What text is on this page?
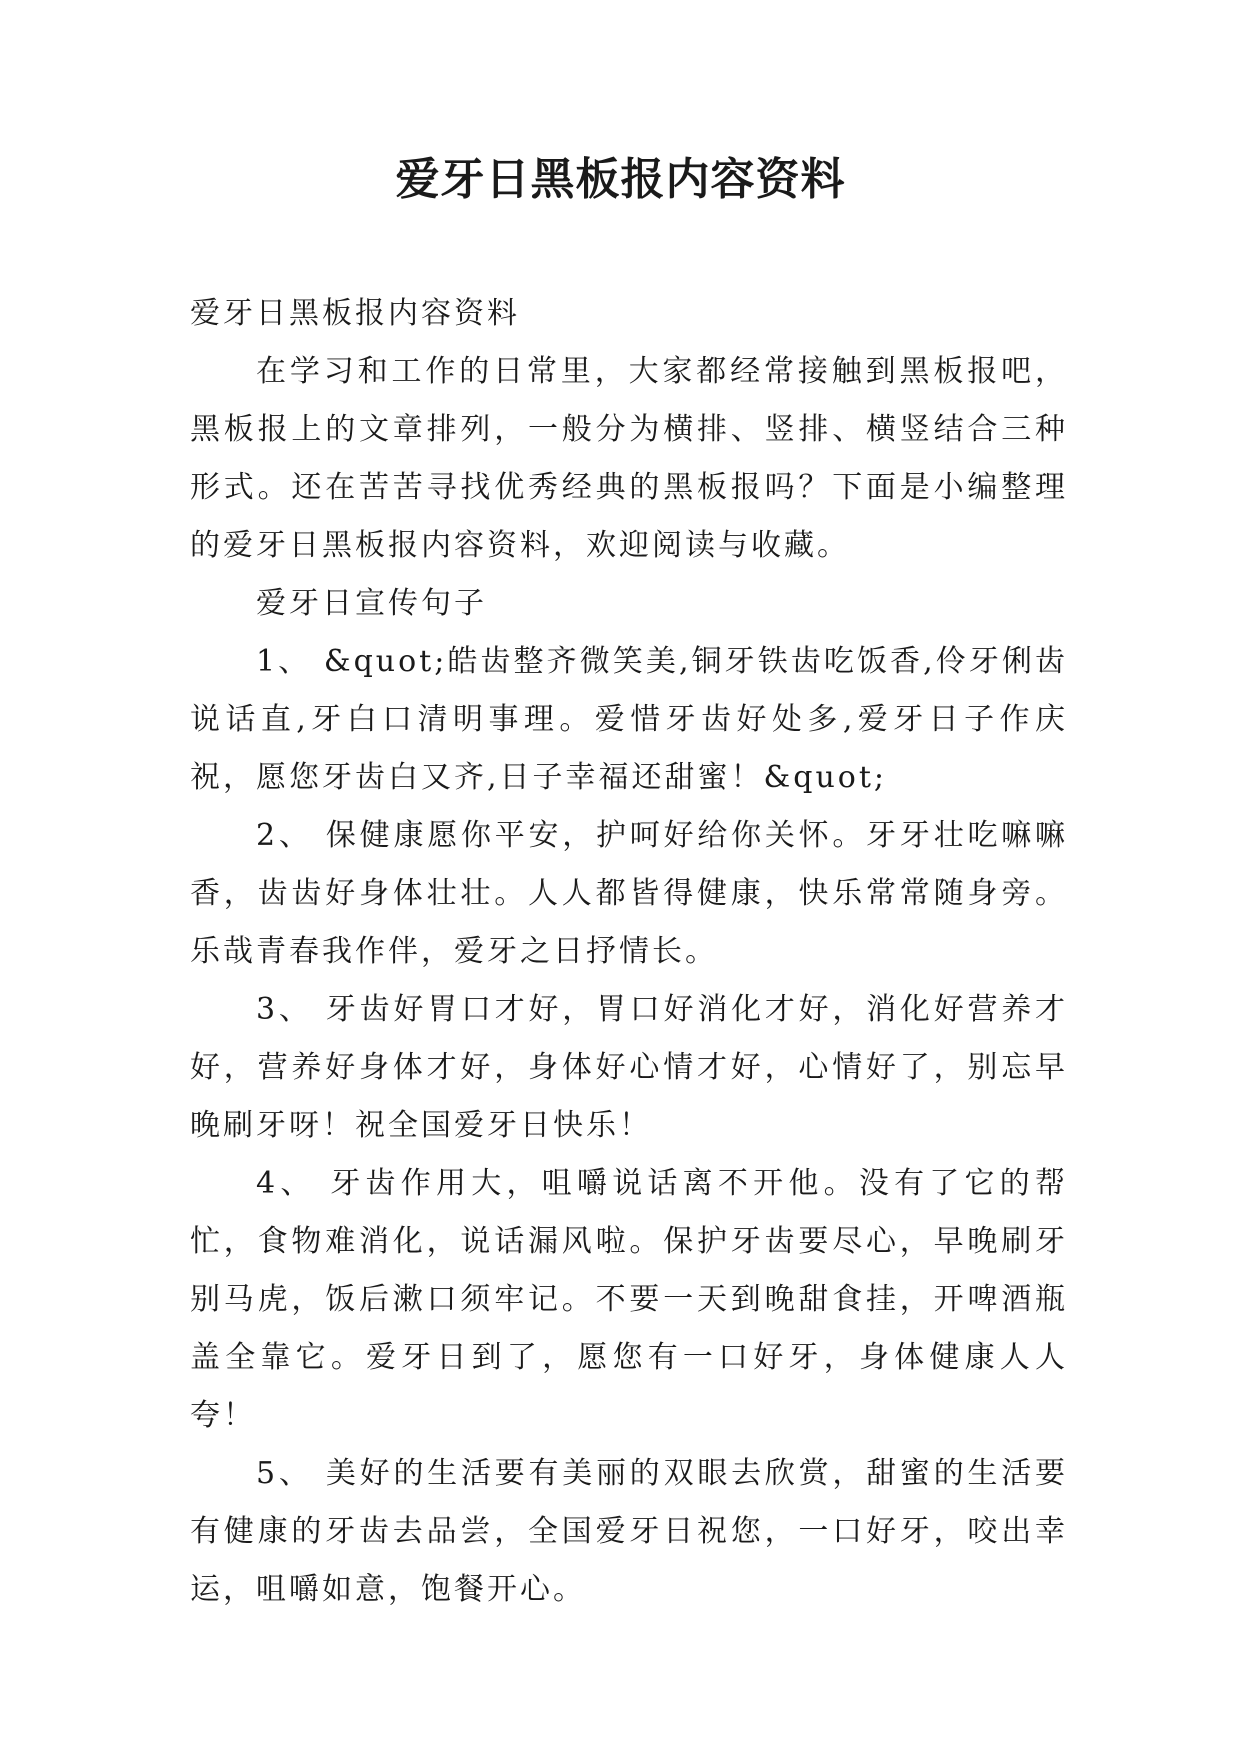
爱牙日黑板报内容资料

爱牙日黑板报内容资料

在学习和工作的日常里，大家都经常接触到黑板报吧，黑板报上的文章排列，一般分为横排、竖排、横竖结合三种形式。还在苦苦寻找优秀经典的黑板报吗？下面是小编整理的爱牙日黑板报内容资料，欢迎阅读与收藏。

爱牙日宣传句子

1、 &quot;皓齿整齐微笑美,铜牙铁齿吃饭香,伶牙俐齿说话直,牙白口清明事理。爱惜牙齿好处多,爱牙日子作庆祝，愿您牙齿白又齐,日子幸福还甜蜜！&quot;

2、 保健康愿你平安，护呵好给你关怀。牙牙壮吃嘛嘛香，齿齿好身体壮壮。人人都皆得健康，快乐常常随身旁。乐哉青春我作伴，爱牙之日抒情长。

3、 牙齿好胃口才好，胃口好消化才好，消化好营养才好，营养好身体才好，身体好心情才好，心情好了，别忘早晚刷牙呀！祝全国爱牙日快乐！

4、 牙齿作用大，咀嚼说话离不开他。没有了它的帮忙，食物难消化，说话漏风啦。保护牙齿要尽心，早晚刷牙别马虎，饭后漱口须牢记。不要一天到晚甜食挂，开啤酒瓶盖全靠它。爱牙日到了，愿您有一口好牙，身体健康人人夸！

5、 美好的生活要有美丽的双眼去欣赏，甜蜜的生活要有健康的牙齿去品尝，全国爱牙日祝您，一口好牙，咬出幸运，咀嚼如意，饱餐开心。
